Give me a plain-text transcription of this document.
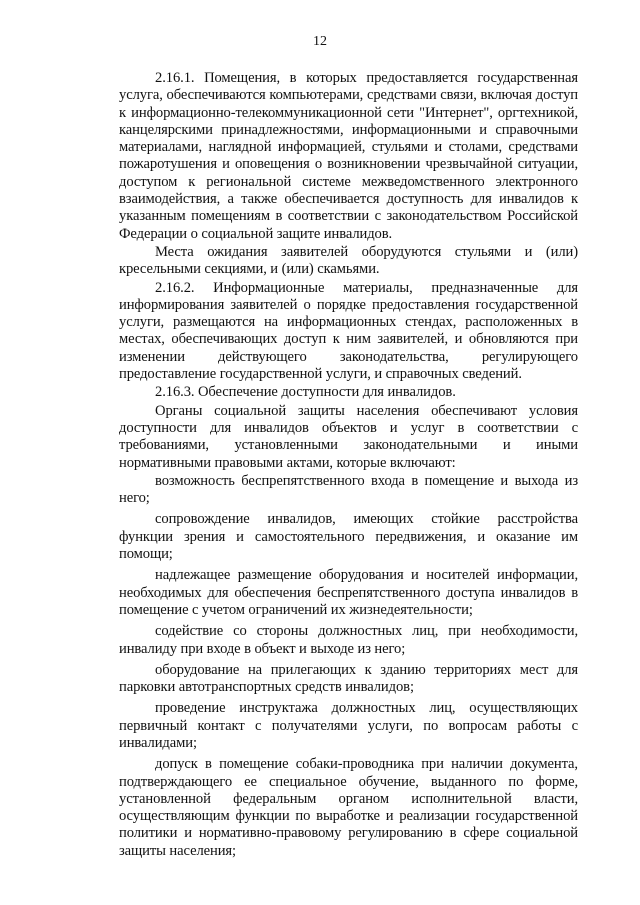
12

2.16.1. Помещения, в которых предоставляется государственная услуга, обеспечиваются компьютерами, средствами связи, включая доступ к информационно-телекоммуникационной сети "Интернет", оргтехникой, канцелярскими принадлежностями, информационными и справочными материалами, наглядной информацией, стульями и столами, средствами пожаротушения и оповещения о возникновении чрезвычайной ситуации, доступом к региональной системе межведомственного электронного взаимодействия, а также обеспечивается доступность для инвалидов к указанным помещениям в соответствии с законодательством Российской Федерации о социальной защите инвалидов.

Места ожидания заявителей оборудуются стульями и (или) кресельными секциями, и (или) скамьями.

2.16.2. Информационные материалы, предназначенные для информирования заявителей о порядке предоставления государственной услуги, размещаются на информационных стендах, расположенных в местах, обеспечивающих доступ к ним заявителей, и обновляются при изменении действующего законодательства, регулирующего предоставление государственной услуги, и справочных сведений.

2.16.3. Обеспечение доступности для инвалидов.

Органы социальной защиты населения обеспечивают условия доступности для инвалидов объектов и услуг в соответствии с требованиями, установленными законодательными и иными нормативными правовыми актами, которые включают:

возможность беспрепятственного входа в помещение и выхода из него;

сопровождение инвалидов, имеющих стойкие расстройства функции зрения и самостоятельного передвижения, и оказание им помощи;

надлежащее размещение оборудования и носителей информации, необходимых для обеспечения беспрепятственного доступа инвалидов в помещение с учетом ограничений их жизнедеятельности;

содействие со стороны должностных лиц, при необходимости, инвалиду при входе в объект и выходе из него;

оборудование на прилегающих к зданию территориях мест для парковки автотранспортных средств инвалидов;

проведение инструктажа должностных лиц, осуществляющих первичный контакт с получателями услуги, по вопросам работы с инвалидами;

допуск в помещение собаки-проводника при наличии документа, подтверждающего ее специальное обучение, выданного по форме, установленной федеральным органом исполнительной власти, осуществляющим функции по выработке и реализации государственной политики и нормативно-правовому регулированию в сфере социальной защиты населения;
